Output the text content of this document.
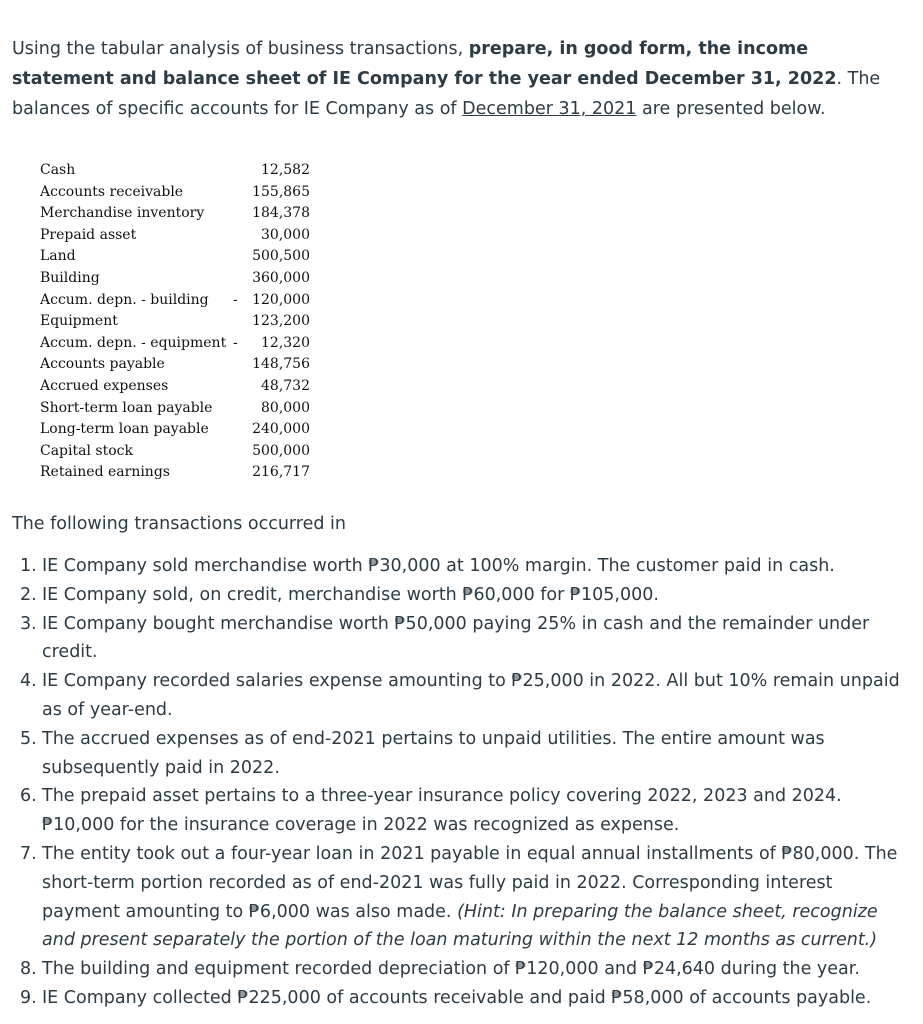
Using the tabular analysis of business transactions, prepare, in good form, the income statement and balance sheet of IE Company for the year ended December 31, 2022. The balances of specific accounts for IE Company as of December 31, 2021 are presented below.

Cash	12,582
Accounts receivable	155,865
Merchandise inventory	184,378
Prepaid asset	30,000
Land	500,500
Building	360,000
Accum. depn. - building - 120,000
Equipment	123,200
Accum. depn. - equipment - 12,320
Accounts payable	148,756
Accrued expenses	48,732
Short-term loan payable	80,000
Long-term loan payable	240,000
Capital stock	500,000
Retained earnings	216,717

The following transactions occurred in

1. IE Company sold merchandise worth ₱30,000 at 100% margin. The customer paid in cash.
2. IE Company sold, on credit, merchandise worth ₱60,000 for ₱105,000.
3. IE Company bought merchandise worth ₱50,000 paying 25% in cash and the remainder under credit.
4. IE Company recorded salaries expense amounting to ₱25,000 in 2022. All but 10% remain unpaid as of year-end.
5. The accrued expenses as of end-2021 pertains to unpaid utilities. The entire amount was subsequently paid in 2022.
6. The prepaid asset pertains to a three-year insurance policy covering 2022, 2023 and 2024. ₱10,000 for the insurance coverage in 2022 was recognized as expense.
7. The entity took out a four-year loan in 2021 payable in equal annual installments of ₱80,000. The short-term portion recorded as of end-2021 was fully paid in 2022. Corresponding interest payment amounting to ₱6,000 was also made. (Hint: In preparing the balance sheet, recognize and present separately the portion of the loan maturing within the next 12 months as current.)
8. The building and equipment recorded depreciation of ₱120,000 and ₱24,640 during the year.
9. IE Company collected ₱225,000 of accounts receivable and paid ₱58,000 of accounts payable.
